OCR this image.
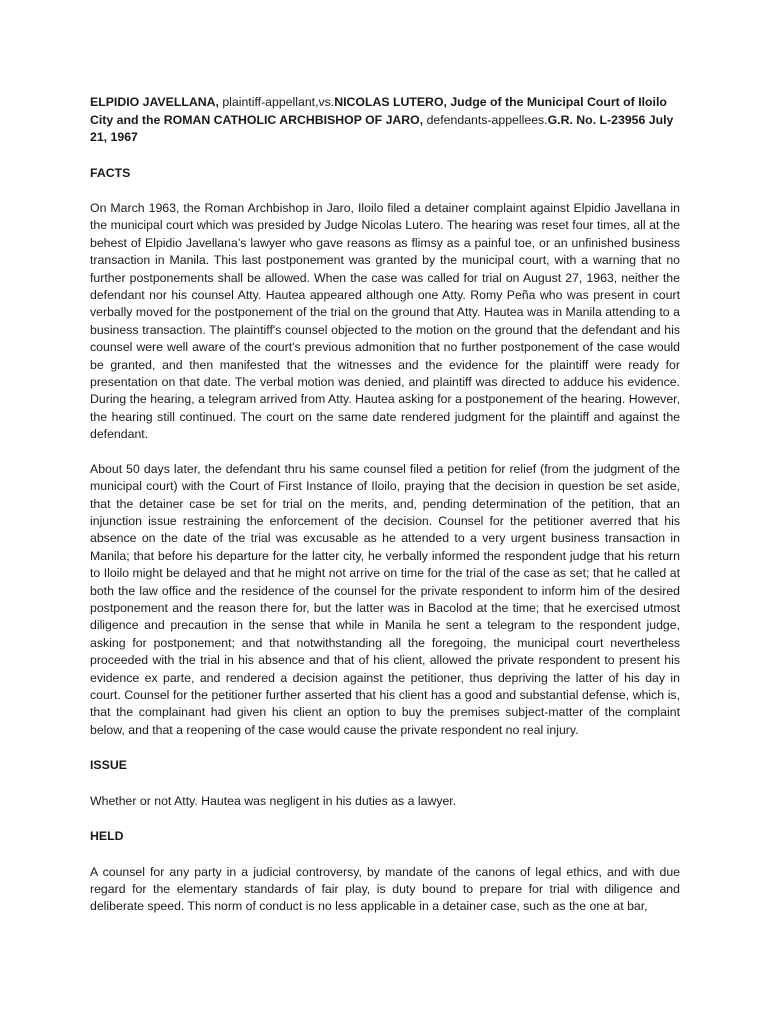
ELPIDIO JAVELLANA, plaintiff-appellant,vs.NICOLAS LUTERO, Judge of the Municipal Court of Iloilo City and the ROMAN CATHOLIC ARCHBISHOP OF JARO, defendants-appellees.G.R. No. L-23956 July 21, 1967

FACTS

On March 1963, the Roman Archbishop in Jaro, Iloilo filed a detainer complaint against Elpidio Javellana in the municipal court which was presided by Judge Nicolas Lutero. The hearing was reset four times, all at the behest of Elpidio Javellana’s lawyer who gave reasons as flimsy as a painful toe, or an unfinished business transaction in Manila. This last postponement was granted by the municipal court, with a warning that no further postponements shall be allowed. When the case was called for trial on August 27, 1963, neither the defendant nor his counsel Atty. Hautea appeared although one Atty. Romy Peña who was present in court verbally moved for the postponement of the trial on the ground that Atty. Hautea was in Manila attending to a business transaction. The plaintiff's counsel objected to the motion on the ground that the defendant and his counsel were well aware of the court's previous admonition that no further postponement of the case would be granted, and then manifested that the witnesses and the evidence for the plaintiff were ready for presentation on that date. The verbal motion was denied, and plaintiff was directed to adduce his evidence. During the hearing, a telegram arrived from Atty. Hautea asking for a postponement of the hearing. However, the hearing still continued. The court on the same date rendered judgment for the plaintiff and against the defendant.

About 50 days later, the defendant thru his same counsel filed a petition for relief (from the judgment of the municipal court) with the Court of First Instance of Iloilo, praying that the decision in question be set aside, that the detainer case be set for trial on the merits, and, pending determination of the petition, that an injunction issue restraining the enforcement of the decision. Counsel for the petitioner averred that his absence on the date of the trial was excusable as he attended to a very urgent business transaction in Manila; that before his departure for the latter city, he verbally informed the respondent judge that his return to Iloilo might be delayed and that he might not arrive on time for the trial of the case as set; that he called at both the law office and the residence of the counsel for the private respondent to inform him of the desired postponement and the reason there for, but the latter was in Bacolod at the time; that he exercised utmost diligence and precaution in the sense that while in Manila he sent a telegram to the respondent judge, asking for postponement; and that notwithstanding all the foregoing, the municipal court nevertheless proceeded with the trial in his absence and that of his client, allowed the private respondent to present his evidence ex parte, and rendered a decision against the petitioner, thus depriving the latter of his day in court. Counsel for the petitioner further asserted that his client has a good and substantial defense, which is, that the complainant had given his client an option to buy the premises subject-matter of the complaint below, and that a reopening of the case would cause the private respondent no real injury.

ISSUE

Whether or not Atty. Hautea was negligent in his duties as a lawyer.

HELD

A counsel for any party in a judicial controversy, by mandate of the canons of legal ethics, and with due regard for the elementary standards of fair play, is duty bound to prepare for trial with diligence and deliberate speed. This norm of conduct is no less applicable in a detainer case, such as the one at bar,
